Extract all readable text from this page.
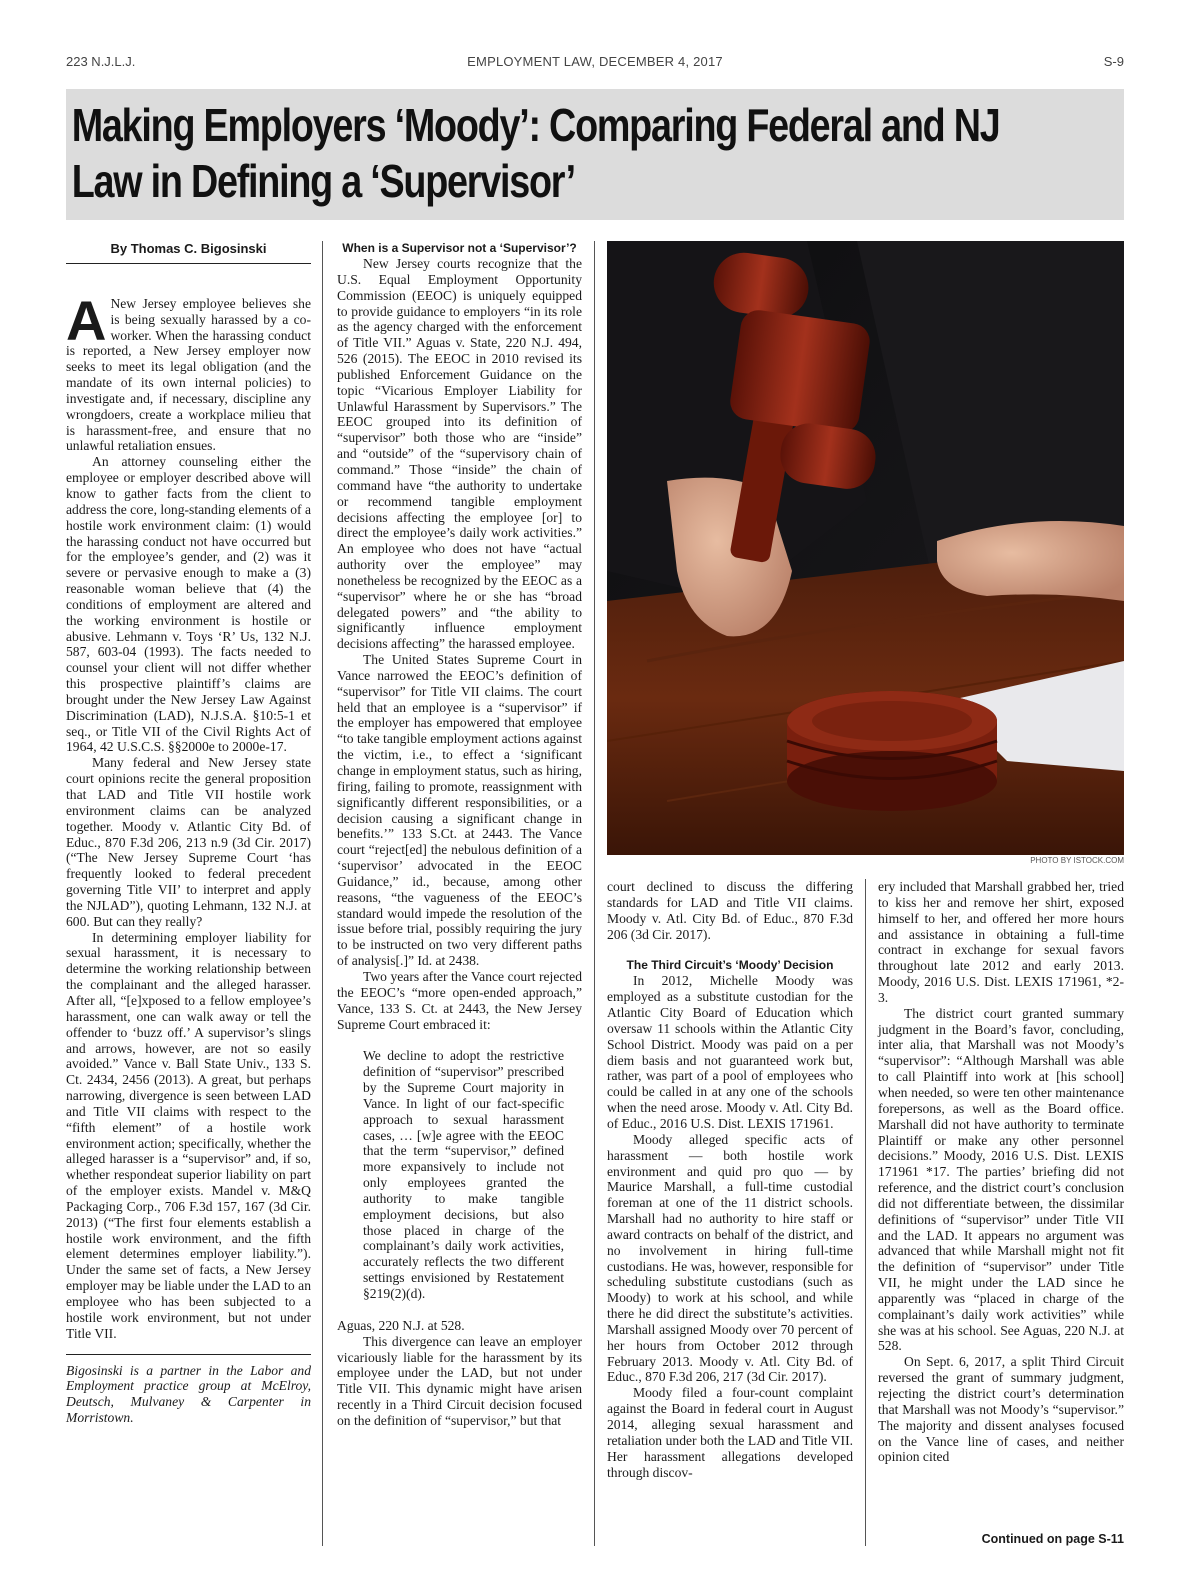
223 N.J.L.J.	EMPLOYMENT LAW, DECEMBER 4, 2017	S-9
Making Employers ‘Moody’: Comparing Federal and NJ
Law in Defining a ‘Supervisor’
By Thomas C. Bigosinski

A New Jersey employee believes she is being sexually harassed by a co-worker. When the harassing conduct is reported, a New Jersey employer now seeks to meet its legal obligation (and the mandate of its own internal policies) to investigate and, if necessary, discipline any wrongdoers, create a workplace milieu that is harassment-free, and ensure that no unlawful retaliation ensues.

An attorney counseling either the employee or employer described above will know to gather facts from the client to address the core, long-standing elements of a hostile work environment claim: (1) would the harassing conduct not have occurred but for the employee’s gender, and (2) was it severe or pervasive enough to make a (3) reasonable woman believe that (4) the conditions of employment are altered and the working environment is hostile or abusive. Lehmann v. Toys ‘R’ Us, 132 N.J. 587, 603-04 (1993). The facts needed to counsel your client will not differ whether this prospective plaintiff’s claims are brought under the New Jersey Law Against Discrimination (LAD), N.J.S.A. §10:5-1 et seq., or Title VII of the Civil Rights Act of 1964, 42 U.S.C.S. §§2000e to 2000e-17.

Many federal and New Jersey state court opinions recite the general proposition that LAD and Title VII hostile work environment claims can be analyzed together. Moody v. Atlantic City Bd. of Educ., 870 F.3d 206, 213 n.9 (3d Cir. 2017) (“The New Jersey Supreme Court ‘has frequently looked to federal precedent governing Title VII’ to interpret and apply the NJLAD”), quoting Lehmann, 132 N.J. at 600. But can they really?

In determining employer liability for sexual harassment, it is necessary to determine the working relationship between the complainant and the alleged harasser. After all, “[e]xposed to a fellow employee’s harassment, one can walk away or tell the offender to ‘buzz off.’ A supervisor’s slings and arrows, however, are not so easily avoided.” Vance v. Ball State Univ., 133 S. Ct. 2434, 2456 (2013). A great, but perhaps narrowing, divergence is seen between LAD and Title VII claims with respect to the “fifth element” of a hostile work environment action; specifically, whether the alleged harasser is a “supervisor” and, if so, whether respondeat superior liability on part of the employer exists. Mandel v. M&Q Packaging Corp., 706 F.3d 157, 167 (3d Cir. 2013) (“The first four elements establish a hostile work environment, and the fifth element determines employer liability.”). Under the same set of facts, a New Jersey employer may be liable under the LAD to an employee who has been subjected to a hostile work environment, but not under Title VII.

Bigosinski is a partner in the Labor and Employment practice group at McElroy, Deutsch, Mulvaney & Carpenter in Morristown.
When is a Supervisor not a ‘Supervisor’?

New Jersey courts recognize that the U.S. Equal Employment Opportunity Commission (EEOC) is uniquely equipped to provide guidance to employers “in its role as the agency charged with the enforcement of Title VII.” Aguas v. State, 220 N.J. 494, 526 (2015). The EEOC in 2010 revised its published Enforcement Guidance on the topic “Vicarious Employer Liability for Unlawful Harassment by Supervisors.” The EEOC grouped into its definition of “supervisor” both those who are “inside” and “outside” of the “supervisory chain of command.” Those “inside” the chain of command have “the authority to undertake or recommend tangible employment decisions affecting the employee [or] to direct the employee’s daily work activities.” An employee who does not have “actual authority over the employee” may nonetheless be recognized by the EEOC as a “supervisor” where he or she has “broad delegated powers” and “the ability to significantly influence employment decisions affecting” the harassed employee.

The United States Supreme Court in Vance narrowed the EEOC’s definition of “supervisor” for Title VII claims. The court held that an employee is a “supervisor” if the employer has empowered that employee “to take tangible employment actions against the victim, i.e., to effect a ‘significant change in employment status, such as hiring, firing, failing to promote, reassignment with significantly different responsibilities, or a decision causing a significant change in benefits.’” 133 S.Ct. at 2443. The Vance court “reject[ed] the nebulous definition of a ‘supervisor’ advocated in the EEOC Guidance,” id., because, among other reasons, “the vagueness of the EEOC’s standard would impede the resolution of the issue before trial, possibly requiring the jury to be instructed on two very different paths of analysis[.]” Id. at 2438.

Two years after the Vance court rejected the EEOC’s “more open-ended approach,” Vance, 133 S. Ct. at 2443, the New Jersey Supreme Court embraced it:

We decline to adopt the restrictive definition of “supervisor” prescribed by the Supreme Court majority in Vance. In light of our fact-specific approach to sexual harassment cases, … [w]e agree with the EEOC that the term “supervisor,” defined more expansively to include not only employees granted the authority to make tangible employment decisions, but also those placed in charge of the complainant’s daily work activities, accurately reflects the two different settings envisioned by Restatement §219(2)(d).

Aguas, 220 N.J. at 528.

This divergence can leave an employer vicariously liable for the harassment by its employee under the LAD, but not under Title VII. This dynamic might have arisen recently in a Third Circuit decision focused on the definition of “supervisor,” but that

PHOTO BY ISTOCK.COM

court declined to discuss the differing standards for LAD and Title VII claims. Moody v. Atl. City Bd. of Educ., 870 F.3d 206 (3d Cir. 2017).

The Third Circuit’s ‘Moody’ Decision

In 2012, Michelle Moody was employed as a substitute custodian for the Atlantic City Board of Education which oversaw 11 schools within the Atlantic City School District. Moody was paid on a per diem basis and not guaranteed work but, rather, was part of a pool of employees who could be called in at any one of the schools when the need arose. Moody v. Atl. City Bd. of Educ., 2016 U.S. Dist. LEXIS 171961.

Moody alleged specific acts of harassment — both hostile work environment and quid pro quo — by Maurice Marshall, a full-time custodial foreman at one of the 11 district schools. Marshall had no authority to hire staff or award contracts on behalf of the district, and no involvement in hiring full-time custodians. He was, however, responsible for scheduling substitute custodians (such as Moody) to work at his school, and while there he did direct the substitute’s activities. Marshall assigned Moody over 70 percent of her hours from October 2012 through February 2013. Moody v. Atl. City Bd. of Educ., 870 F.3d 206, 217 (3d Cir. 2017).

Moody filed a four-count complaint against the Board in federal court in August 2014, alleging sexual harassment and retaliation under both the LAD and Title VII. Her harassment allegations developed through discov-

ery included that Marshall grabbed her, tried to kiss her and remove her shirt, exposed himself to her, and offered her more hours and assistance in obtaining a full-time contract in exchange for sexual favors throughout late 2012 and early 2013. Moody, 2016 U.S. Dist. LEXIS 171961, *2-3.

The district court granted summary judgment in the Board’s favor, concluding, inter alia, that Marshall was not Moody’s “supervisor”: “Although Marshall was able to call Plaintiff into work at [his school] when needed, so were ten other maintenance forepersons, as well as the Board office. Marshall did not have authority to terminate Plaintiff or make any other personnel decisions.” Moody, 2016 U.S. Dist. LEXIS 171961 *17. The parties’ briefing did not reference, and the district court’s conclusion did not differentiate between, the dissimilar definitions of “supervisor” under Title VII and the LAD. It appears no argument was advanced that while Marshall might not fit the definition of “supervisor” under Title VII, he might under the LAD since he apparently was “placed in charge of the complainant’s daily work activities” while she was at his school. See Aguas, 220 N.J. at 528.

On Sept. 6, 2017, a split Third Circuit reversed the grant of summary judgment, rejecting the district court’s determination that Marshall was not Moody’s “supervisor.” The majority and dissent analyses focused on the Vance line of cases, and neither opinion cited

Continued on page S-11
